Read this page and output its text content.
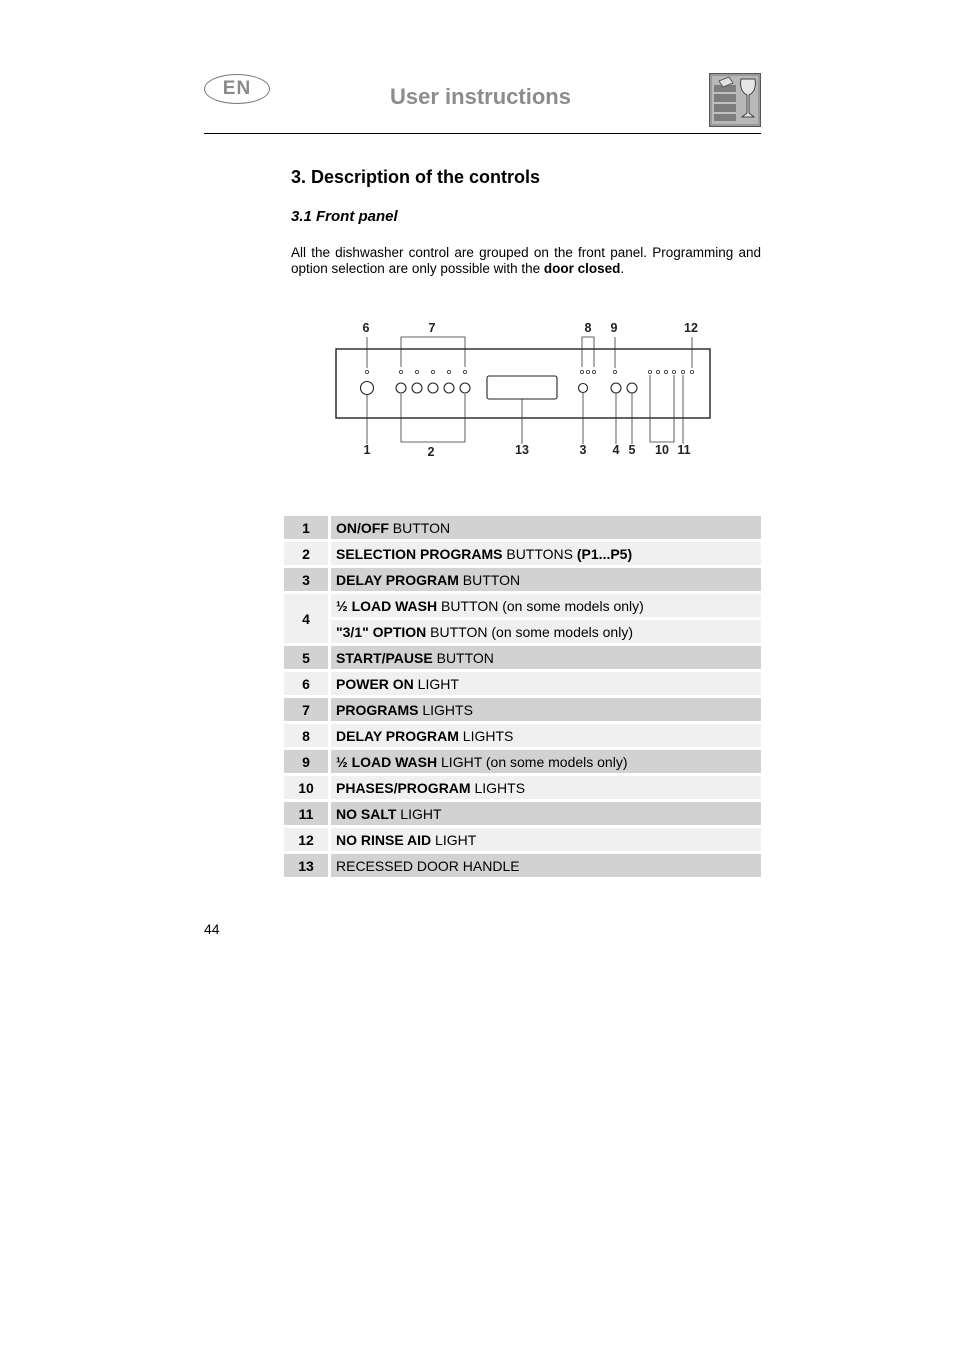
EN	User instructions
3. Description of the controls
3.1 Front panel

All the dishwasher control are grouped on the front panel. Programming and option selection are only possible with the door closed.

6	7	8 9	12
1	2	13	3 4 5 10 11
1	ON/OFF BUTTON
2	SELECTION PROGRAMS BUTTONS (P1...P5)
3	DELAY PROGRAM BUTTON
4	½ LOAD WASH BUTTON (on some models only)
	"3/1" OPTION BUTTON (on some models only)
5	START/PAUSE BUTTON
6	POWER ON LIGHT
7	PROGRAMS LIGHTS
8	DELAY PROGRAM LIGHTS
9	½ LOAD WASH LIGHT (on some models only)
10	PHASES/PROGRAM LIGHTS
11	NO SALT LIGHT
12	NO RINSE AID LIGHT
13	RECESSED DOOR HANDLE
44
